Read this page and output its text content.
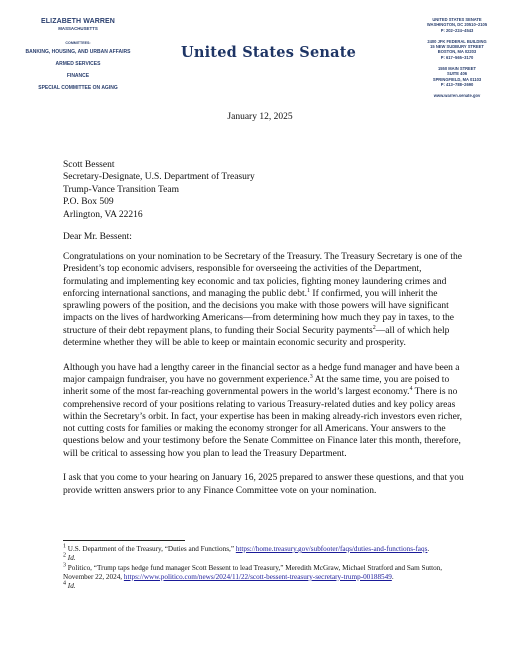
ELIZABETH WARREN
MASSACHUSETTS
COMMITTEES:
BANKING, HOUSING, AND URBAN AFFAIRS
ARMED SERVICES
FINANCE
SPECIAL COMMITTEE ON AGING
United States Senate
UNITED STATES SENATE
WASHINGTON, DC 20510–2105
P: 202–224–4543
2400 JFK FEDERAL BUILDING
15 NEW SUDBURY STREET
BOSTON, MA 02203
P: 617–565–3170
1550 MAIN STREET
SUITE 406
SPRINGFIELD, MA 01103
P: 413–788–2690
www.warren.senate.gov
January 12, 2025
Scott Bessent
Secretary-Designate, U.S. Department of Treasury
Trump-Vance Transition Team
P.O. Box 509
Arlington, VA 22216
Dear Mr. Bessent:

Congratulations on your nomination to be Secretary of the Treasury. The Treasury Secretary is one of the President’s top economic advisers, responsible for overseeing the activities of the Department, formulating and implementing key economic and tax policies, fighting money laundering crimes and enforcing international sanctions, and managing the public debt.$^1$ If confirmed, you will inherit the sprawling powers of the position, and the decisions you make with those powers will have significant impacts on the lives of hardworking Americans—from determining how much they pay in taxes, to the structure of their debt repayment plans, to funding their Social Security payments$^2$—all of which help determine whether they will be able to keep or maintain economic security and prosperity.

Although you have had a lengthy career in the financial sector as a hedge fund manager and have been a major campaign fundraiser, you have no government experience.$^3$ At the same time, you are poised to inherit some of the most far-reaching governmental powers in the world’s largest economy.$^4$ There is no comprehensive record of your positions relating to various Treasury-related duties and key policy areas within the Secretary’s orbit. In fact, your expertise has been in making already-rich investors even richer, not cutting costs for families or making the economy stronger for all Americans. Your answers to the questions below and your testimony before the Senate Committee on Finance later this month, therefore, will be critical to assessing how you plan to lead the Treasury Department.

I ask that you come to your hearing on January 16, 2025 prepared to answer these questions, and that you provide written answers prior to any Finance Committee vote on your nomination.

$^1$ U.S. Department of the Treasury, “Duties and Functions,” https://home.treasury.gov/subfooter/faqs/duties-and-functions-faqs.
$^2$ Id.
$^3$ Politico, “Trump taps hedge fund manager Scott Bessent to lead Treasury,” Meredith McGraw, Michael Stratford and Sam Sutton, November 22, 2024, https://www.politico.com/news/2024/11/22/scott-bessent-treasury-secretary-trump-00188549.
$^4$ Id.
